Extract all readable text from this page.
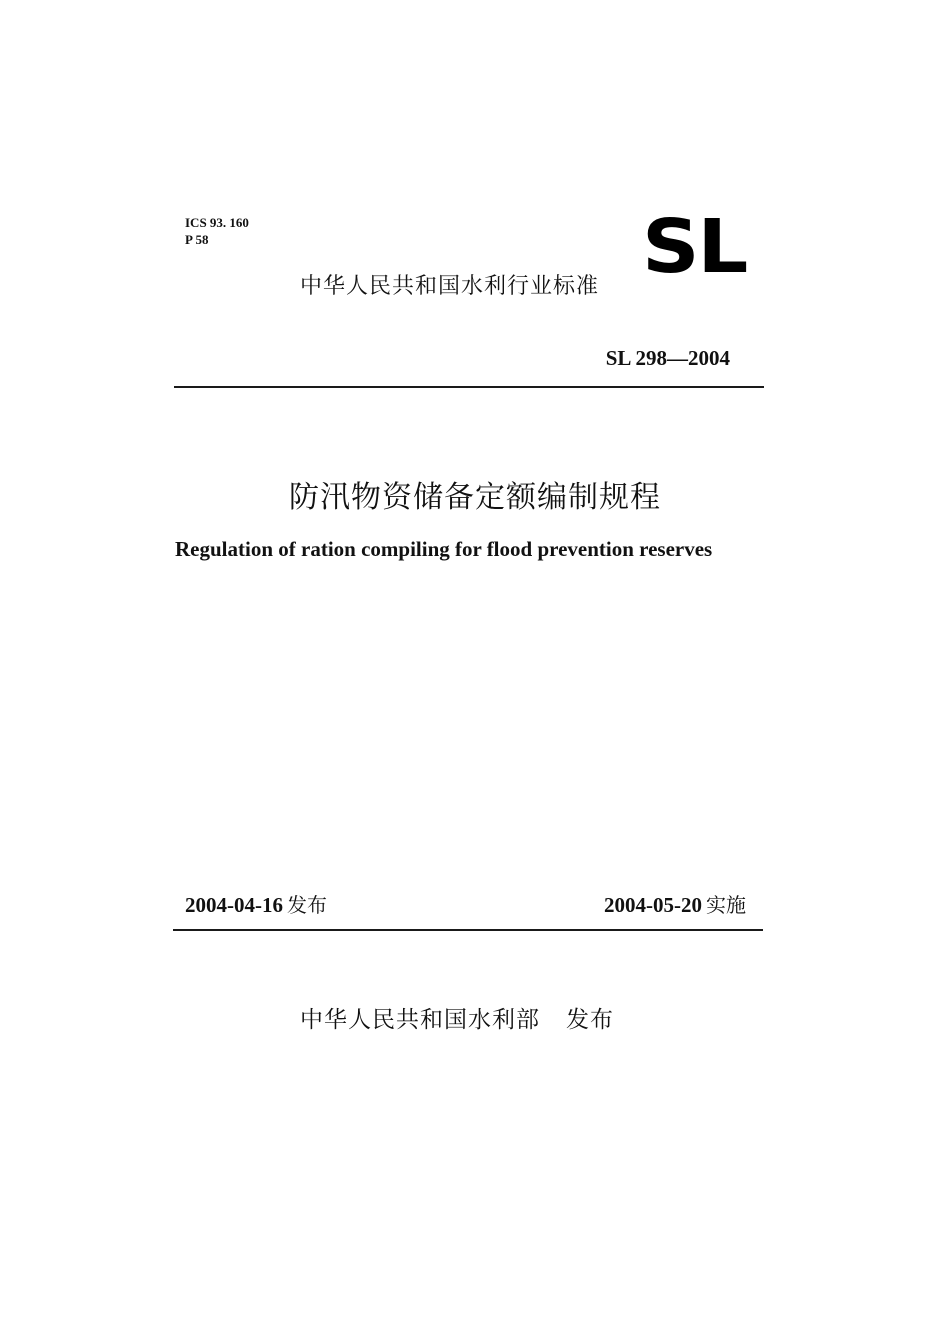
ICS 93. 160
P 58	SL
中华人民共和国水利行业标准
SL 298—2004
防汛物资储备定额编制规程
Regulation of ration compiling for flood prevention reserves
2004-04-16 发布	2004-05-20 实施
中华人民共和国水利部 发布
